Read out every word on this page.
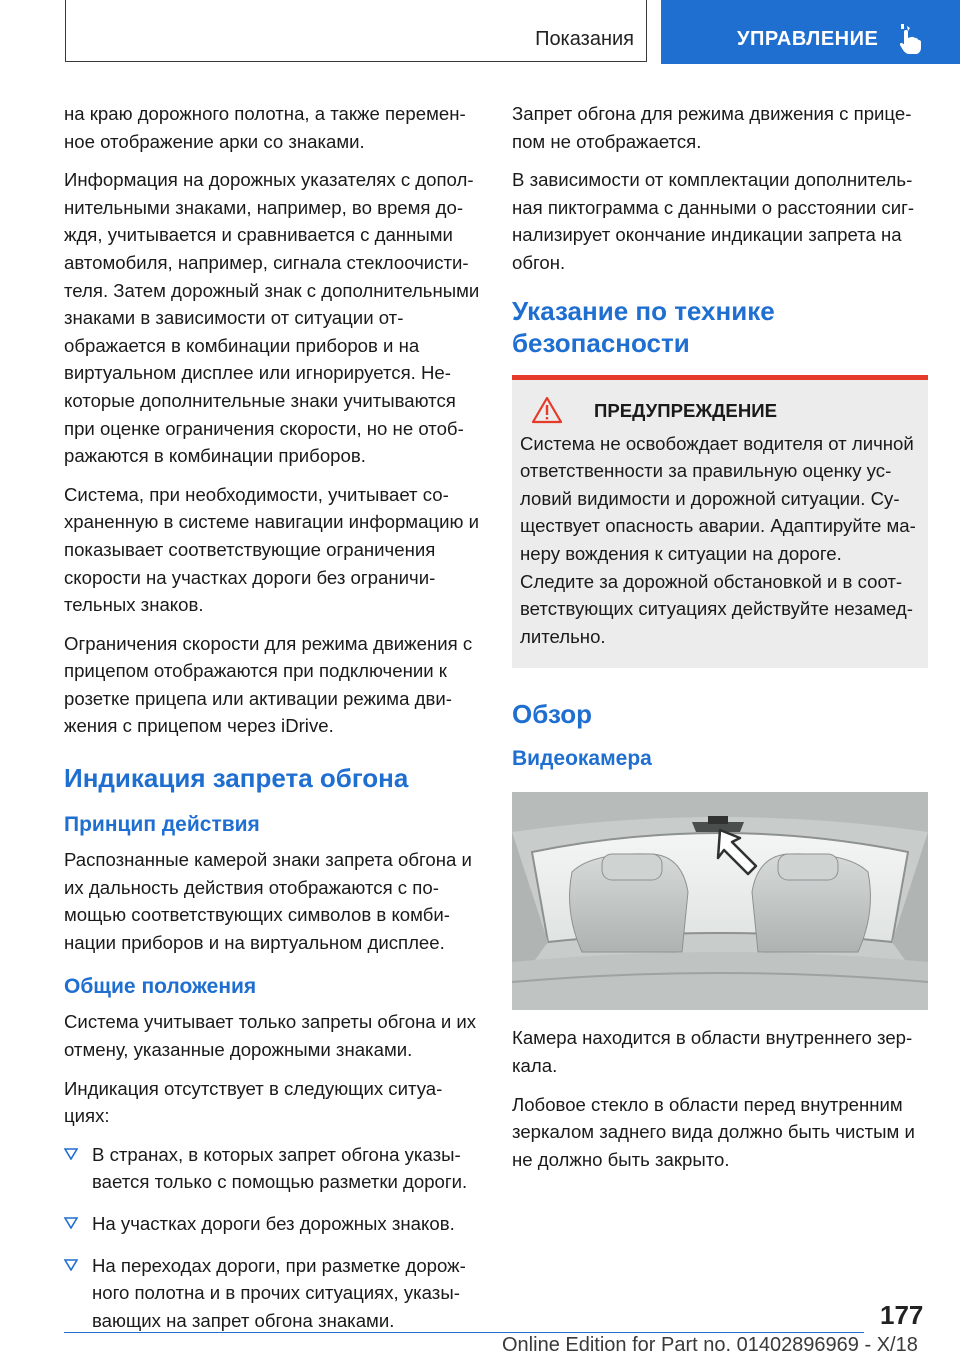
Показания	УПРАВЛЕНИЕ

на краю дорожного полотна, а также переменное отображение арки со знаками.

Информация на дорожных указателях с дополнительными знаками, например, во время дождя, учитывается и сравнивается с данными автомобиля, например, сигнала стеклоочистителя. Затем дорожный знак с дополнительными знаками в зависимости от ситуации отображается в комбинации приборов и на виртуальном дисплее или игнорируется. Некоторые дополнительные знаки учитываются при оценке ограничения скорости, но не отображаются в комбинации приборов.

Система, при необходимости, учитывает сохраненную в системе навигации информацию и показывает соответствующие ограничения скорости на участках дороги без ограничительных знаков.

Ограничения скорости для режима движения с прицепом отображаются при подключении к розетке прицепа или активации режима движения с прицепом через iDrive.

Индикация запрета обгона
Принцип действия

Распознанные камерой знаки запрета обгона и их дальность действия отображаются с помощью соответствующих символов в комбинации приборов и на виртуальном дисплее.

Общие положения

Система учитывает только запреты обгона и их отмену, указанные дорожными знаками.

Индикация отсутствует в следующих ситуациях:

В странах, в которых запрет обгона указывается только с помощью разметки дороги.
На участках дороги без дорожных знаков.
На переходах дороги, при разметке дорожного полотна и в прочих ситуациях, указывающих на запрет обгона знаками.

Запрет обгона для режима движения с прицепом не отображается.

В зависимости от комплектации дополнительная пиктограмма с данными о расстоянии сигнализирует окончание индикации запрета на обгон.

Указание по технике безопасности
ПРЕДУПРЕЖДЕНИЕ

Система не освобождает водителя от личной ответственности за правильную оценку условий видимости и дорожной ситуации. Существует опасность аварии. Адаптируйте манеру вождения к ситуации на дороге. Следите за дорожной обстановкой и в соответствующих ситуациях действуйте незамедлительно.

Обзор
Видеокамера

Камера находится в области внутреннего зеркала.

Лобовое стекло в области перед внутренним зеркалом заднего вида должно быть чистым и не должно быть закрыто.

177
Online Edition for Part no. 01402896969 - X/18
